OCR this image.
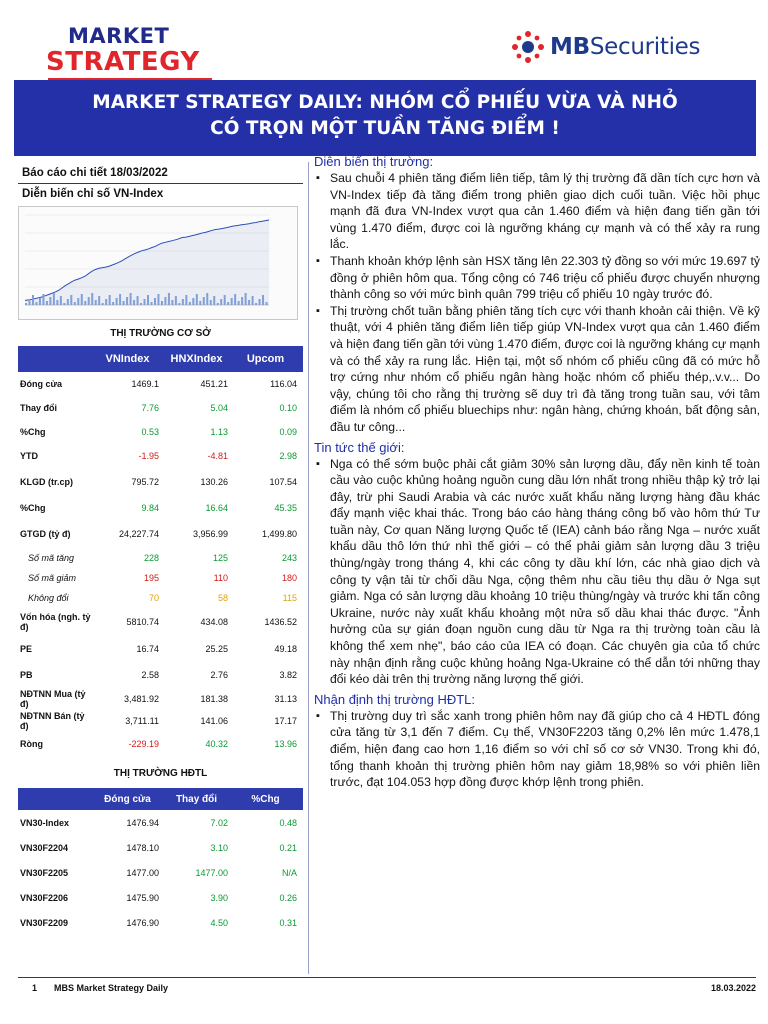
MARKET
STRATEGY	MBSecurities
MARKET STRATEGY DAILY: NHÓM CỔ PHIẾU VỪA VÀ NHỎ
CÓ TRỌN MỘT TUẦN TĂNG ĐIỂM !
Báo cáo chi tiết 18/03/2022
Diễn biến chỉ số VN-Index
THỊ TRƯỜNG CƠ SỞ
VNIndex	HNXIndex	Upcom
Đóng cửa	1469.1	451.21	116.04
Thay đổi	7.76	5.04	0.10
%Chg	0.53	1.13	0.09
YTD	-1.95	-4.81	2.98
KLGD (tr.cp)	795.72	130.26	107.54
%Chg	9.84	16.64	45.35
GTGD (tỷ đ)	24,227.74	3,956.99	1,499.80
Số mã tăng	228	125	243
Số mã giảm	195	110	180
Không đổi	70	58	115
Vốn hóa (ngh. tỷ đ)	5810.74	434.08	1436.52
PE	16.74	25.25	49.18
PB	2.58	2.76	3.82
NĐTNN Mua (tỷ đ)	3,481.92	181.38	31.13
NĐTNN Bán (tỷ đ)	3,711.11	141.06	17.17
Ròng	-229.19	40.32	13.96
THỊ TRƯỜNG HĐTL
Đóng cửa	Thay đổi	%Chg
VN30-Index	1476.94	7.02	0.48
VN30F2204	1478.10	3.10	0.21
VN30F2205	1477.00	1477.00	N/A
VN30F2206	1475.90	3.90	0.26
VN30F2209	1476.90	4.50	0.31
Diễn biến thị trường:
▪ Sau chuỗi 4 phiên tăng điểm liên tiếp, tâm lý thị trường đã dần tích cực hơn và VN-Index tiếp đà tăng điểm trong phiên giao dịch cuối tuần. Việc hồi phục mạnh đã đưa VN-Index vượt qua cản 1.460 điểm và hiện đang tiến gần tới vùng 1.470 điểm, được coi là ngưỡng kháng cự mạnh và có thể xảy ra rung lắc.
▪ Thanh khoản khớp lệnh sàn HSX tăng lên 22.303 tỷ đồng so với mức 19.697 tỷ đồng ở phiên hôm qua. Tổng cộng có 746 triệu cổ phiếu được chuyển nhượng thành công so với mức bình quân 799 triệu cổ phiếu 10 ngày trước đó.
▪ Thị trường chốt tuần bằng phiên tăng tích cực với thanh khoản cải thiện. Về kỹ thuật, với 4 phiên tăng điểm liên tiếp giúp VN-Index vượt qua cản 1.460 điểm và hiện đang tiến gần tới vùng 1.470 điểm, được coi là ngưỡng kháng cự mạnh và có thể xảy ra rung lắc. Hiện tại, một số nhóm cổ phiếu cũng đã có mức hỗ trợ cứng như nhóm cổ phiếu ngân hàng hoặc nhóm cổ phiếu thép,.v.v... Do vậy, chúng tôi cho rằng thị trường sẽ duy trì đà tăng trong tuần sau, với tâm điểm là nhóm cổ phiếu bluechips như: ngân hàng, chứng khoán, bất động sản, đầu tư công...
Tin tức thế giới:
▪ Nga có thể sớm buộc phải cắt giảm 30% sản lượng dầu, đẩy nền kinh tế toàn cầu vào cuộc khủng hoảng nguồn cung dầu lớn nhất trong nhiều thập kỷ trở lại đây, trừ phi Saudi Arabia và các nước xuất khẩu năng lượng hàng đầu khác đẩy mạnh việc khai thác. Trong báo cáo hàng tháng công bố vào hôm thứ Tư tuần này, Cơ quan Năng lượng Quốc tế (IEA) cảnh báo rằng Nga – nước xuất khẩu dầu thô lớn thứ nhì thế giới – có thể phải giảm sản lượng dầu 3 triệu thùng/ngày trong tháng 4, khi các công ty dầu khí lớn, các nhà giao dịch và công ty vận tải từ chối dầu Nga, cộng thêm nhu cầu tiêu thụ dầu ở Nga sụt giảm. Nga có sản lượng dầu khoảng 10 triệu thùng/ngày và trước khi tấn công Ukraine, nước này xuất khẩu khoảng một nửa số dầu khai thác được. "Ảnh hưởng của sự gián đoạn nguồn cung dầu từ Nga ra thị trường toàn cầu là không thể xem nhẹ", báo cáo của IEA có đoạn. Các chuyên gia của tổ chức này nhận định rằng cuộc khủng hoảng Nga-Ukraine có thể dẫn tới những thay đổi kéo dài trên thị trường năng lượng thế giới.
Nhận định thị trường HĐTL:
▪ Thị trường duy trì sắc xanh trong phiên hôm nay đã giúp cho cả 4 HĐTL đóng cửa tăng từ 3,1 đến 7 điểm. Cụ thể, VN30F2203 tăng 0,2% lên mức 1.478,1 điểm, hiện đang cao hơn 1,16 điểm so với chỉ số cơ sở VN30. Trong khi đó, tổng thanh khoản thị trường phiên hôm nay giảm 18,98% so với phiên liền trước, đạt 104.053 hợp đồng được khớp lệnh trong phiên.
1	MBS Market Strategy Daily	18.03.2022
